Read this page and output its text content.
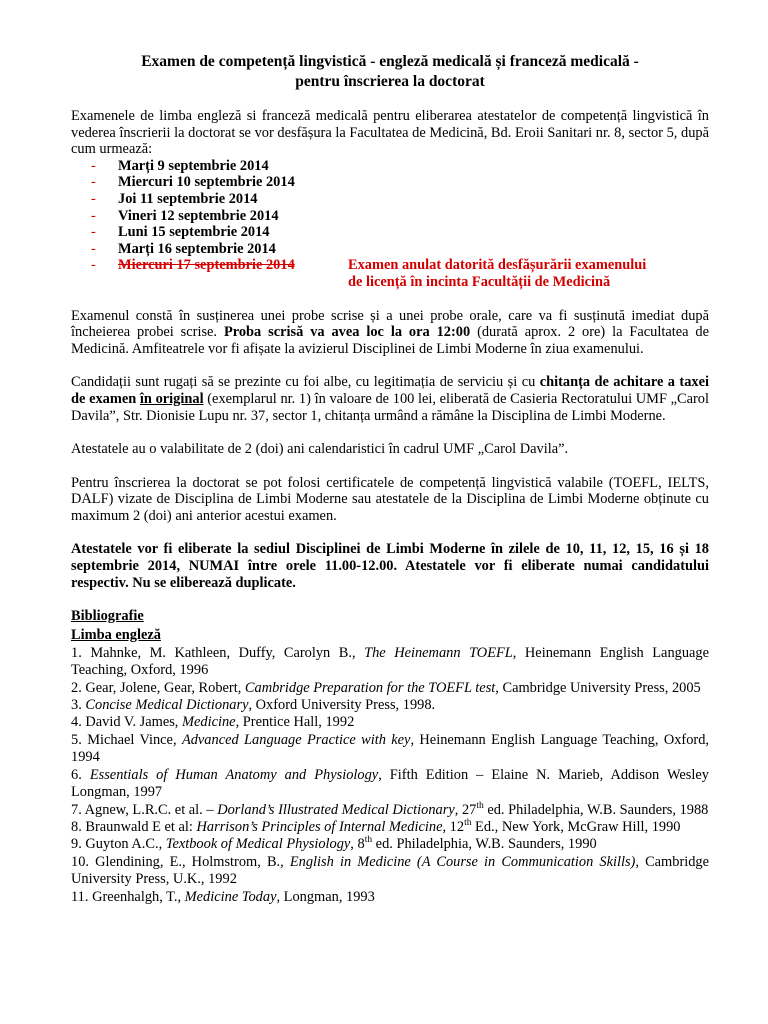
Examen de competență lingvistică - engleză medicală și franceză medicală -
pentru înscrierea la doctorat

Examenele de limba engleză si franceză medicală pentru eliberarea atestatelor de competență lingvistică în vederea înscrierii la doctorat se vor desfășura la Facultatea de Medicină, Bd. Eroii Sanitari nr. 8, sector 5, după cum urmează:

- Marți 9 septembrie 2014
- Miercuri 10 septembrie 2014
- Joi 11 septembrie 2014
- Vineri 12 septembrie 2014
- Luni 15 septembrie 2014
- Marți 16 septembrie 2014
- Miercuri 17 septembrie 2014	Examen anulat datorită desfășurării examenului
de licență în incinta Facultății de Medicină

Examenul constă în susținerea unei probe scrise și a unei probe orale, care va fi susținută imediat după încheierea probei scrise. Proba scrisă va avea loc la ora 12:00 (durată aprox. 2 ore) la Facultatea de Medicină. Amfiteatrele vor fi afișate la avizierul Disciplinei de Limbi Moderne în ziua examenului.

Candidații sunt rugați să se prezinte cu foi albe, cu legitimația de serviciu și cu chitanța de achitare a taxei de examen în original (exemplarul nr. 1) în valoare de 100 lei, eliberată de Casieria Rectoratului UMF „Carol Davila”, Str. Dionisie Lupu nr. 37, sector 1, chitanța urmând a rămâne la Disciplina de Limbi Moderne.

Atestatele au o valabilitate de 2 (doi) ani calendaristici în cadrul UMF „Carol Davila”.

Pentru înscrierea la doctorat se pot folosi certificatele de competență lingvistică valabile (TOEFL, IELTS, DALF) vizate de Disciplina de Limbi Moderne sau atestatele de la Disciplina de Limbi Moderne obținute cu maximum 2 (doi) ani anterior acestui examen.

Atestatele vor fi eliberate la sediul Disciplinei de Limbi Moderne în zilele de 10, 11, 12, 15, 16 și 18 septembrie 2014, NUMAI între orele 11.00-12.00. Atestatele vor fi eliberate numai candidatului respectiv. Nu se eliberează duplicate.

Bibliografie
Limba engleză
1. Mahnke, M. Kathleen, Duffy, Carolyn B., The Heinemann TOEFL, Heinemann English Language Teaching, Oxford, 1996
2. Gear, Jolene, Gear, Robert, Cambridge Preparation for the TOEFL test, Cambridge University Press, 2005
3. Concise Medical Dictionary, Oxford University Press, 1998.
4. David V. James, Medicine, Prentice Hall, 1992
5. Michael Vince, Advanced Language Practice with key, Heinemann English Language Teaching, Oxford, 1994
6. Essentials of Human Anatomy and Physiology, Fifth Edition – Elaine N. Marieb, Addison Wesley Longman, 1997
7. Agnew, L.R.C. et al. – Dorland’s Illustrated Medical Dictionary, 27th ed. Philadelphia, W.B. Saunders, 1988
8. Braunwald E et al: Harrison’s Principles of Internal Medicine, 12th Ed., New York, McGraw Hill, 1990
9. Guyton A.C., Textbook of Medical Physiology, 8th ed. Philadelphia, W.B. Saunders, 1990
10. Glendining, E., Holmstrom, B., English in Medicine (A Course in Communication Skills), Cambridge University Press, U.K., 1992
11. Greenhalgh, T., Medicine Today, Longman, 1993
